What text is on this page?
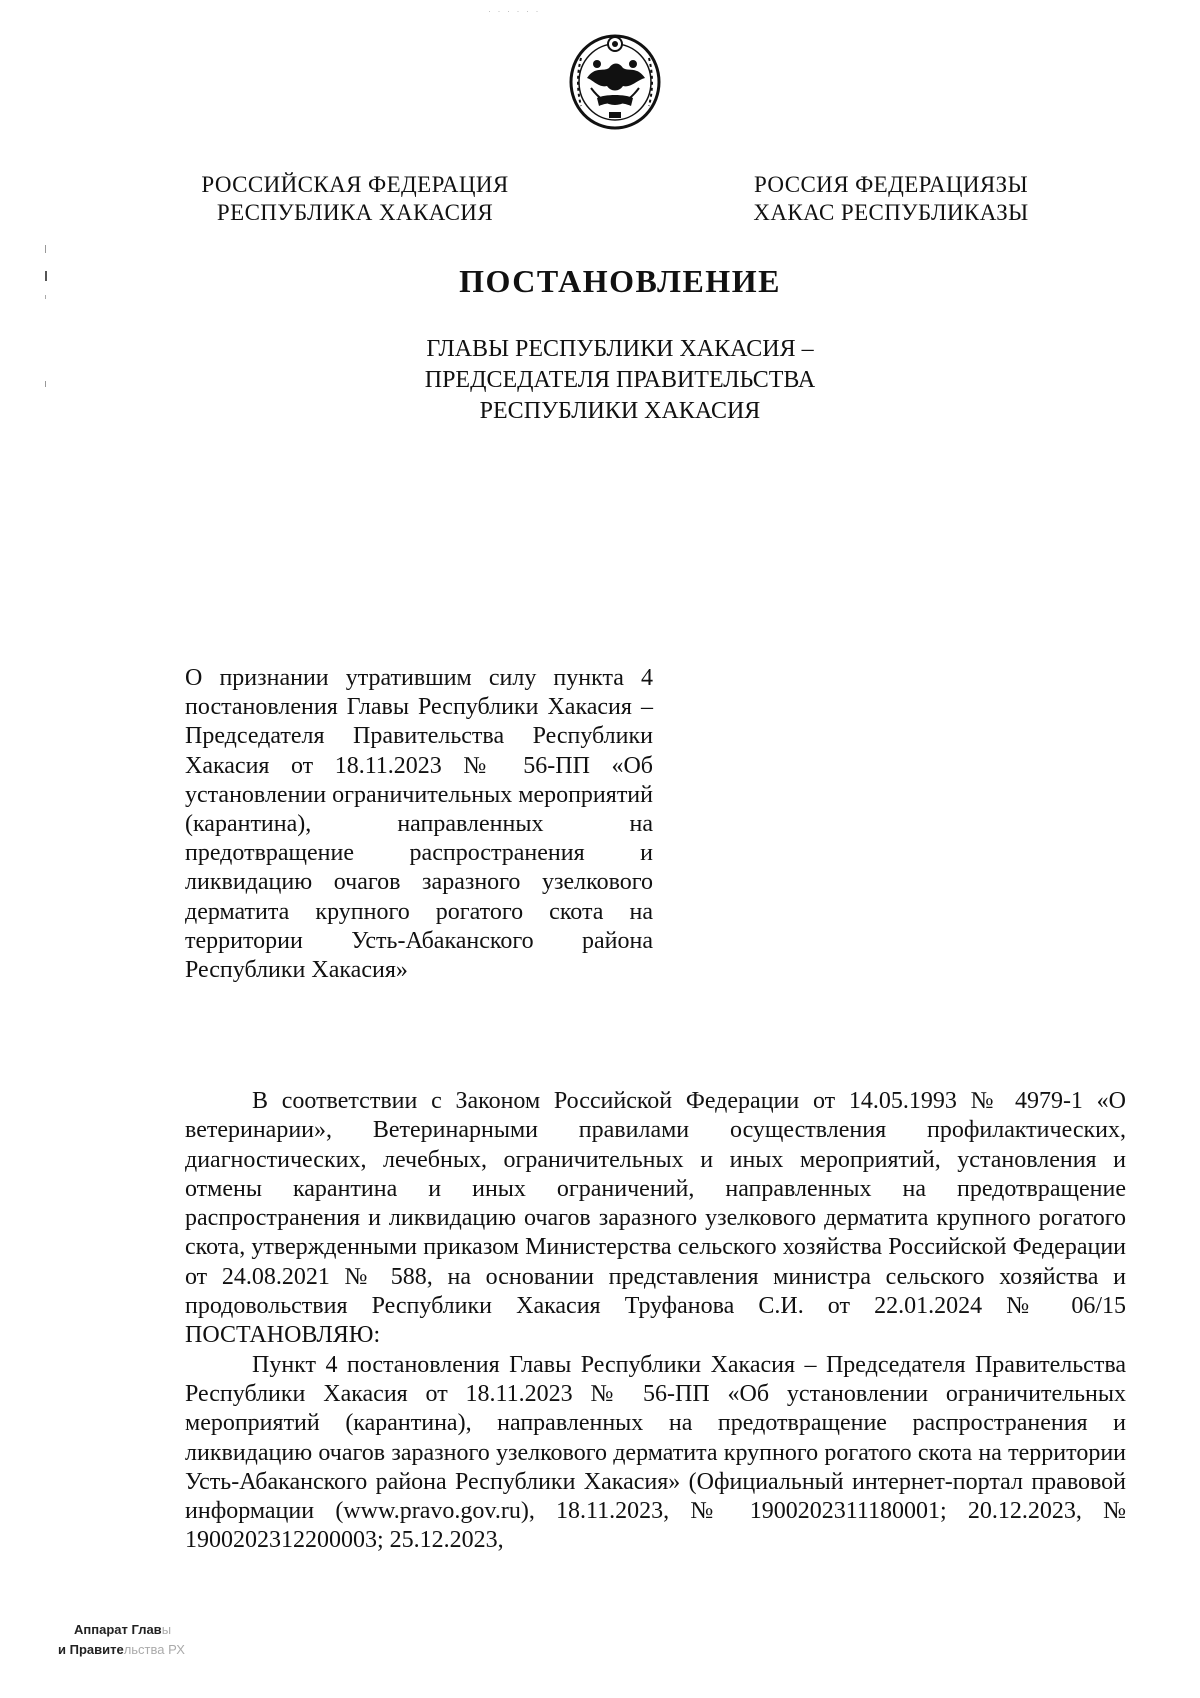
· · · · · ·
РОССИЙСКАЯ ФЕДЕРАЦИЯ
РЕСПУБЛИКА ХАКАСИЯ
РОССИЯ ФЕДЕРАЦИЯЗЫ
ХАКАС РЕСПУБЛИКАЗЫ
ПОСТАНОВЛЕНИЕ
ГЛАВЫ РЕСПУБЛИКИ ХАКАСИЯ –
ПРЕДСЕДАТЕЛЯ ПРАВИТЕЛЬСТВА
РЕСПУБЛИКИ ХАКАСИЯ
О признании утратившим силу пункта 4 постановления Главы Республики Хакасия – Председателя Правительства Республики Хакасия от 18.11.2023 № 56-ПП «Об установлении ограничительных мероприятий (карантина), направленных на предотвращение распространения и ликвидацию очагов заразного узелкового дерматита крупного рогатого скота на территории Усть-Абаканского района Республики Хакасия»

В соответствии с Законом Российской Федерации от 14.05.1993 № 4979-1 «О ветеринарии», Ветеринарными правилами осуществления профилактических, диагностических, лечебных, ограничительных и иных мероприятий, установления и отмены карантина и иных ограничений, направленных на предотвращение распространения и ликвидацию очагов заразного узелкового дерматита крупного рогатого скота, утвержденными приказом Министерства сельского хозяйства Российской Федерации от 24.08.2021 № 588, на основании представления министра сельского хозяйства и продовольствия Республики Хакасия Труфанова С.И. от 22.01.2024 № 06/15 ПОСТАНОВЛЯЮ:

Пункт 4 постановления Главы Республики Хакасия – Председателя Правительства Республики Хакасия от 18.11.2023 № 56-ПП «Об установлении ограничительных мероприятий (карантина), направленных на предотвращение распространения и ликвидацию очагов заразного узелкового дерматита крупного рогатого скота на территории Усть-Абаканского района Республики Хакасия» (Официальный интернет-портал правовой информации (www.pravo.gov.ru), 18.11.2023, № 1900202311180001; 20.12.2023, № 1900202312200003; 25.12.2023,

Аппарат Главы
и Правительства РХ
